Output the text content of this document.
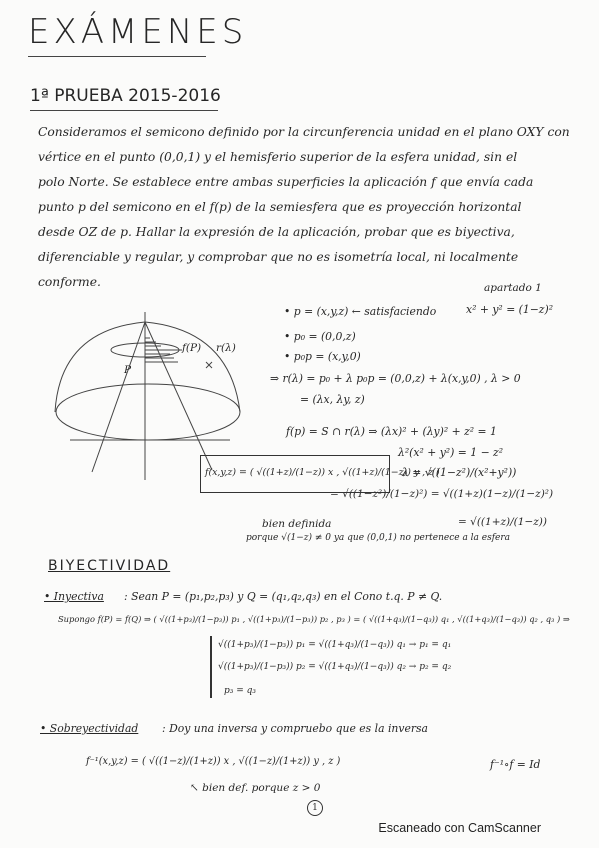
EXÁMENES
1ª PRUEBA 2015-2016
Consideramos el semicono definido por la circunferencia unidad en el plano OXY con
vértice en el punto (0,0,1) y el hemisferio superior de la esfera unidad, sin el
polo Norte. Se establece entre ambas superficies la aplicación f que envía cada
punto p del semicono en el f(p) de la semiesfera que es proyección horizontal
desde OZ de p. Hallar la expresión de la aplicación, probar que es biyectiva,
diferenciable y regular, y comprobar que no es isometría local, ni localmente
conforme.
f(P) r(λ)
P
• p = (x,y,z) ← satisfaciendo
apartado 1
x² + y² = (1−z)²
• p₀ = (0,0,z)
• p₀p = (x,y,0)
⇒ r(λ) = p₀ + λ p₀p = (0,0,z) + λ(x,y,0) , λ > 0
= (λx, λy, z)
f(p) = S ∩ r(λ) ⇒ (λx)² + (λy)² + z² = 1
λ²(x² + y²) = 1 − z²
λ = √((1−z²)/(x²+y²))
= √((1−z²)/(1−z)²) = √((1+z)(1−z)/(1−z)²)
= √((1+z)/(1−z))
f(x,y,z) = ( √((1+z)/(1−z)) x , √((1+z)/(1−z)) y , z )
bien definida
porque √(1−z) ≠ 0 ya que (0,0,1) no pertenece a la esfera
BIYECTIVIDAD
• Inyectiva : Sean P = (p₁,p₂,p₃) y Q = (q₁,q₂,q₃) en el Cono t.q. P ≠ Q.
Supongo f(P) = f(Q) ⇒ ( √((1+p₃)/(1−p₃)) p₁ , √((1+p₃)/(1−p₃)) p₂ , p₃ ) = ( √((1+q₃)/(1−q₃)) q₁ , √((1+q₃)/(1−q₃)) q₂ , q₃ ) ⇒
√((1+p₃)/(1−p₃)) p₁ = √((1+q₃)/(1−q₃)) q₁ → p₁ = q₁
√((1+p₃)/(1−p₃)) p₂ = √((1+q₃)/(1−q₃)) q₂ → p₂ = q₂
p₃ = q₃
• Sobreyectividad : Doy una inversa y compruebo que es la inversa
f⁻¹(x,y,z) = ( √((1−z)/(1+z)) x , √((1−z)/(1+z)) y , z )	f⁻¹∘f = Id
↖ bien def. porque z > 0
1
Escaneado con CamScanner
